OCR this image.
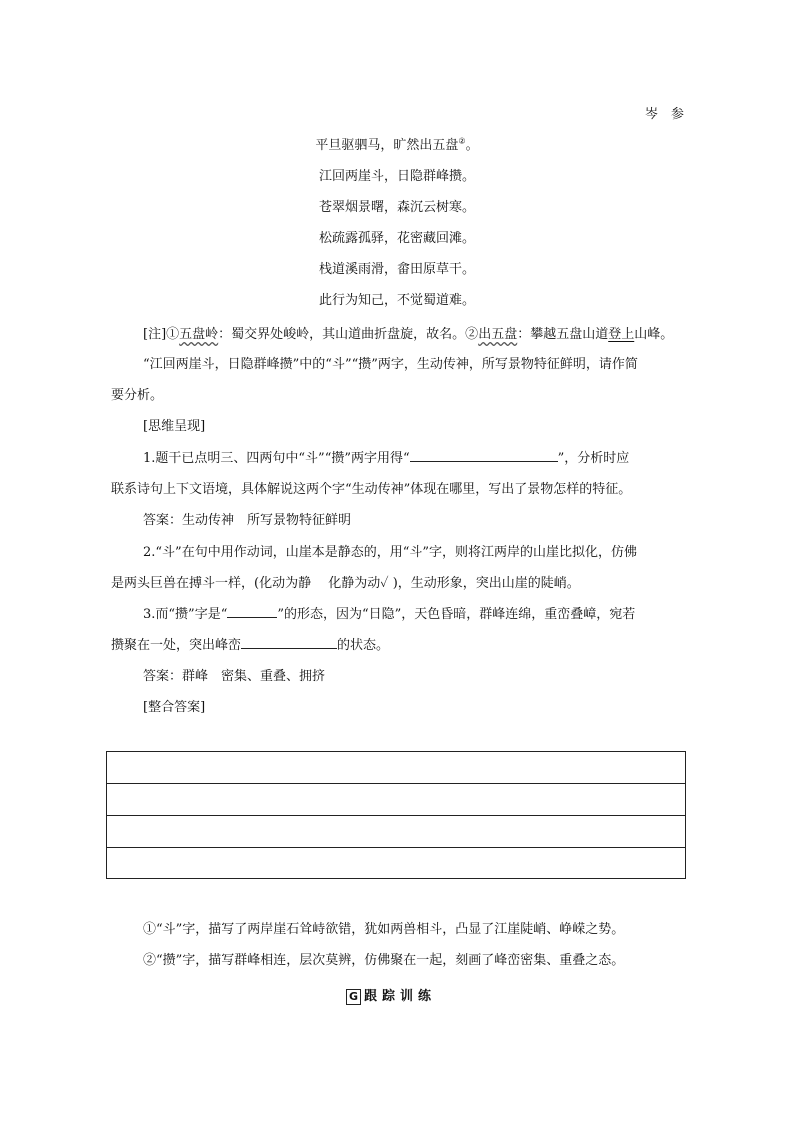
岑　参
平旦驱驷马，旷然出五盘②。
江回两崖斗，日隐群峰攒。
苍翠烟景曙，森沉云树寒。
松疏露孤驿，花密藏回滩。
栈道溪雨滑，畲田原草干。
此行为知己，不觉蜀道难。
[注]①五盘岭：蜀交界处峻岭，其山道曲折盘旋，故名。②出五盘：攀越五盘山道登上山峰。
“江回两崖斗，日隐群峰攒”中的“斗”“攒”两字，生动传神，所写景物特征鲜明，请作简
要分析。
[思维呈现]
1.题干已点明三、四两句中“斗”“攒”两字用得“	”，分析时应
联系诗句上下文语境，具体解说这两个字“生动传神”体现在哪里，写出了景物怎样的特征。
答案：生动传神　所写景物特征鲜明
2.“斗”在句中用作动词，山崖本是静态的，用“斗”字，则将江两岸的山崖比拟化，仿佛
是两头巨兽在搏斗一样，(化动为静　 化静为动✓ )，生动形象，突出山崖的陡峭。
3.而“攒”字是“	”的形态，因为“日隐”，天色昏暗，群峰连绵，重峦叠嶂，宛若
攒聚在一处，突出峰峦	的状态。
答案：群峰　密集、重叠、拥挤
[整合答案]
①“斗”字，描写了两岸崖石耸峙欲错，犹如两兽相斗，凸显了江崖陡峭、峥嵘之势。
②“攒”字，描写群峰相连，层次莫辨，仿佛聚在一起，刻画了峰峦密集、重叠之态。
G 跟踪训练
